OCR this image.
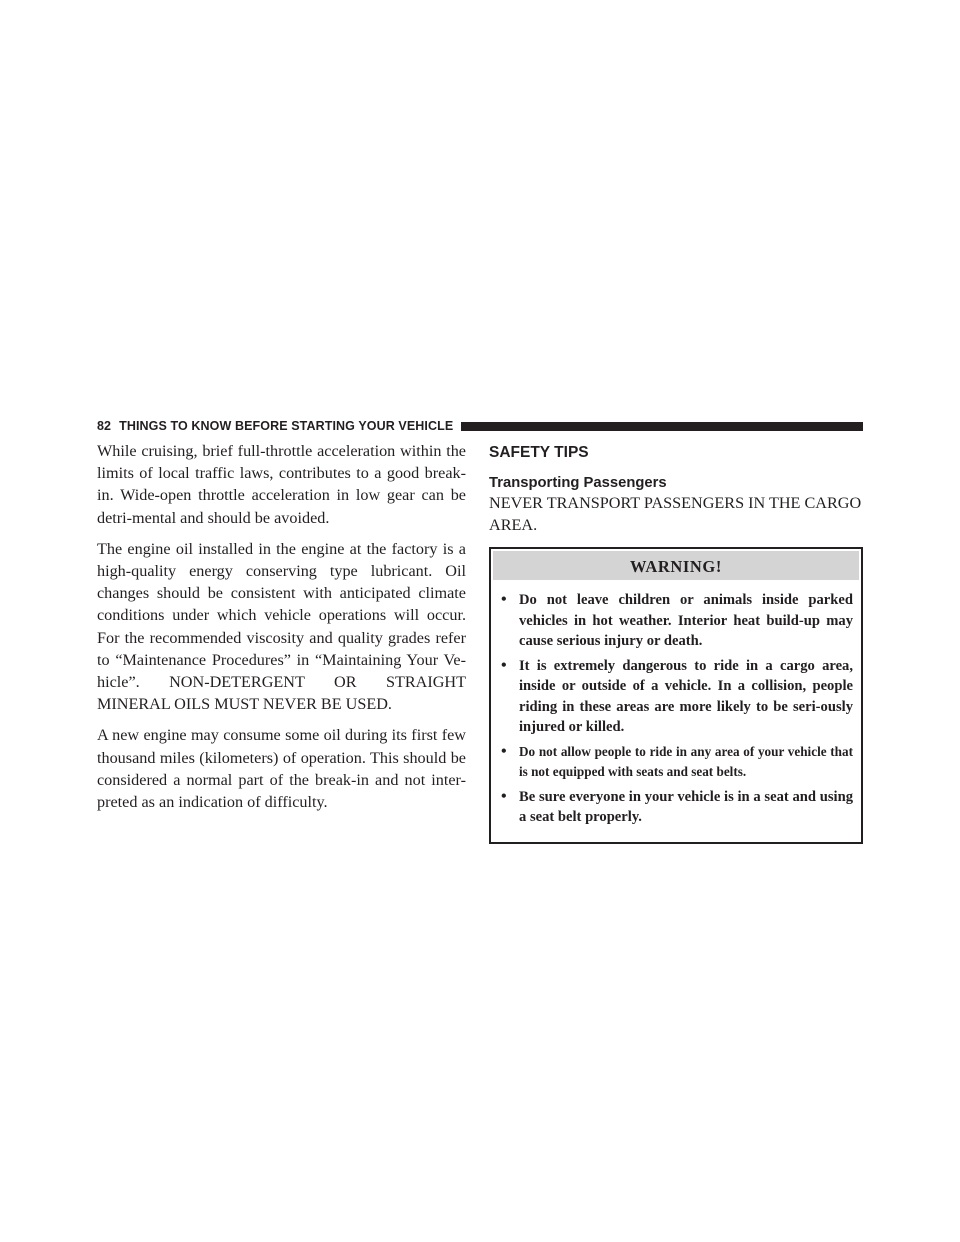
82 THINGS TO KNOW BEFORE STARTING YOUR VEHICLE

While cruising, brief full-throttle acceleration within the limits of local traffic laws, contributes to a good break-in. Wide-open throttle acceleration in low gear can be detri-mental and should be avoided.

The engine oil installed in the engine at the factory is a high-quality energy conserving type lubricant. Oil changes should be consistent with anticipated climate conditions under which vehicle operations will occur. For the recommended viscosity and quality grades refer to “Maintenance Procedures” in “Maintaining Your Ve-hicle”. NON-DETERGENT OR STRAIGHT MINERAL OILS MUST NEVER BE USED.

A new engine may consume some oil during its first few thousand miles (kilometers) of operation. This should be considered a normal part of the break-in and not inter-preted as an indication of difficulty.

SAFETY TIPS
Transporting Passengers

NEVER TRANSPORT PASSENGERS IN THE CARGO AREA.

WARNING!
• Do not leave children or animals inside parked vehicles in hot weather. Interior heat build-up may cause serious injury or death.
• It is extremely dangerous to ride in a cargo area, inside or outside of a vehicle. In a collision, people riding in these areas are more likely to be seri-ously injured or killed.
• Do not allow people to ride in any area of your vehicle that is not equipped with seats and seat belts.
• Be sure everyone in your vehicle is in a seat and using a seat belt properly.
